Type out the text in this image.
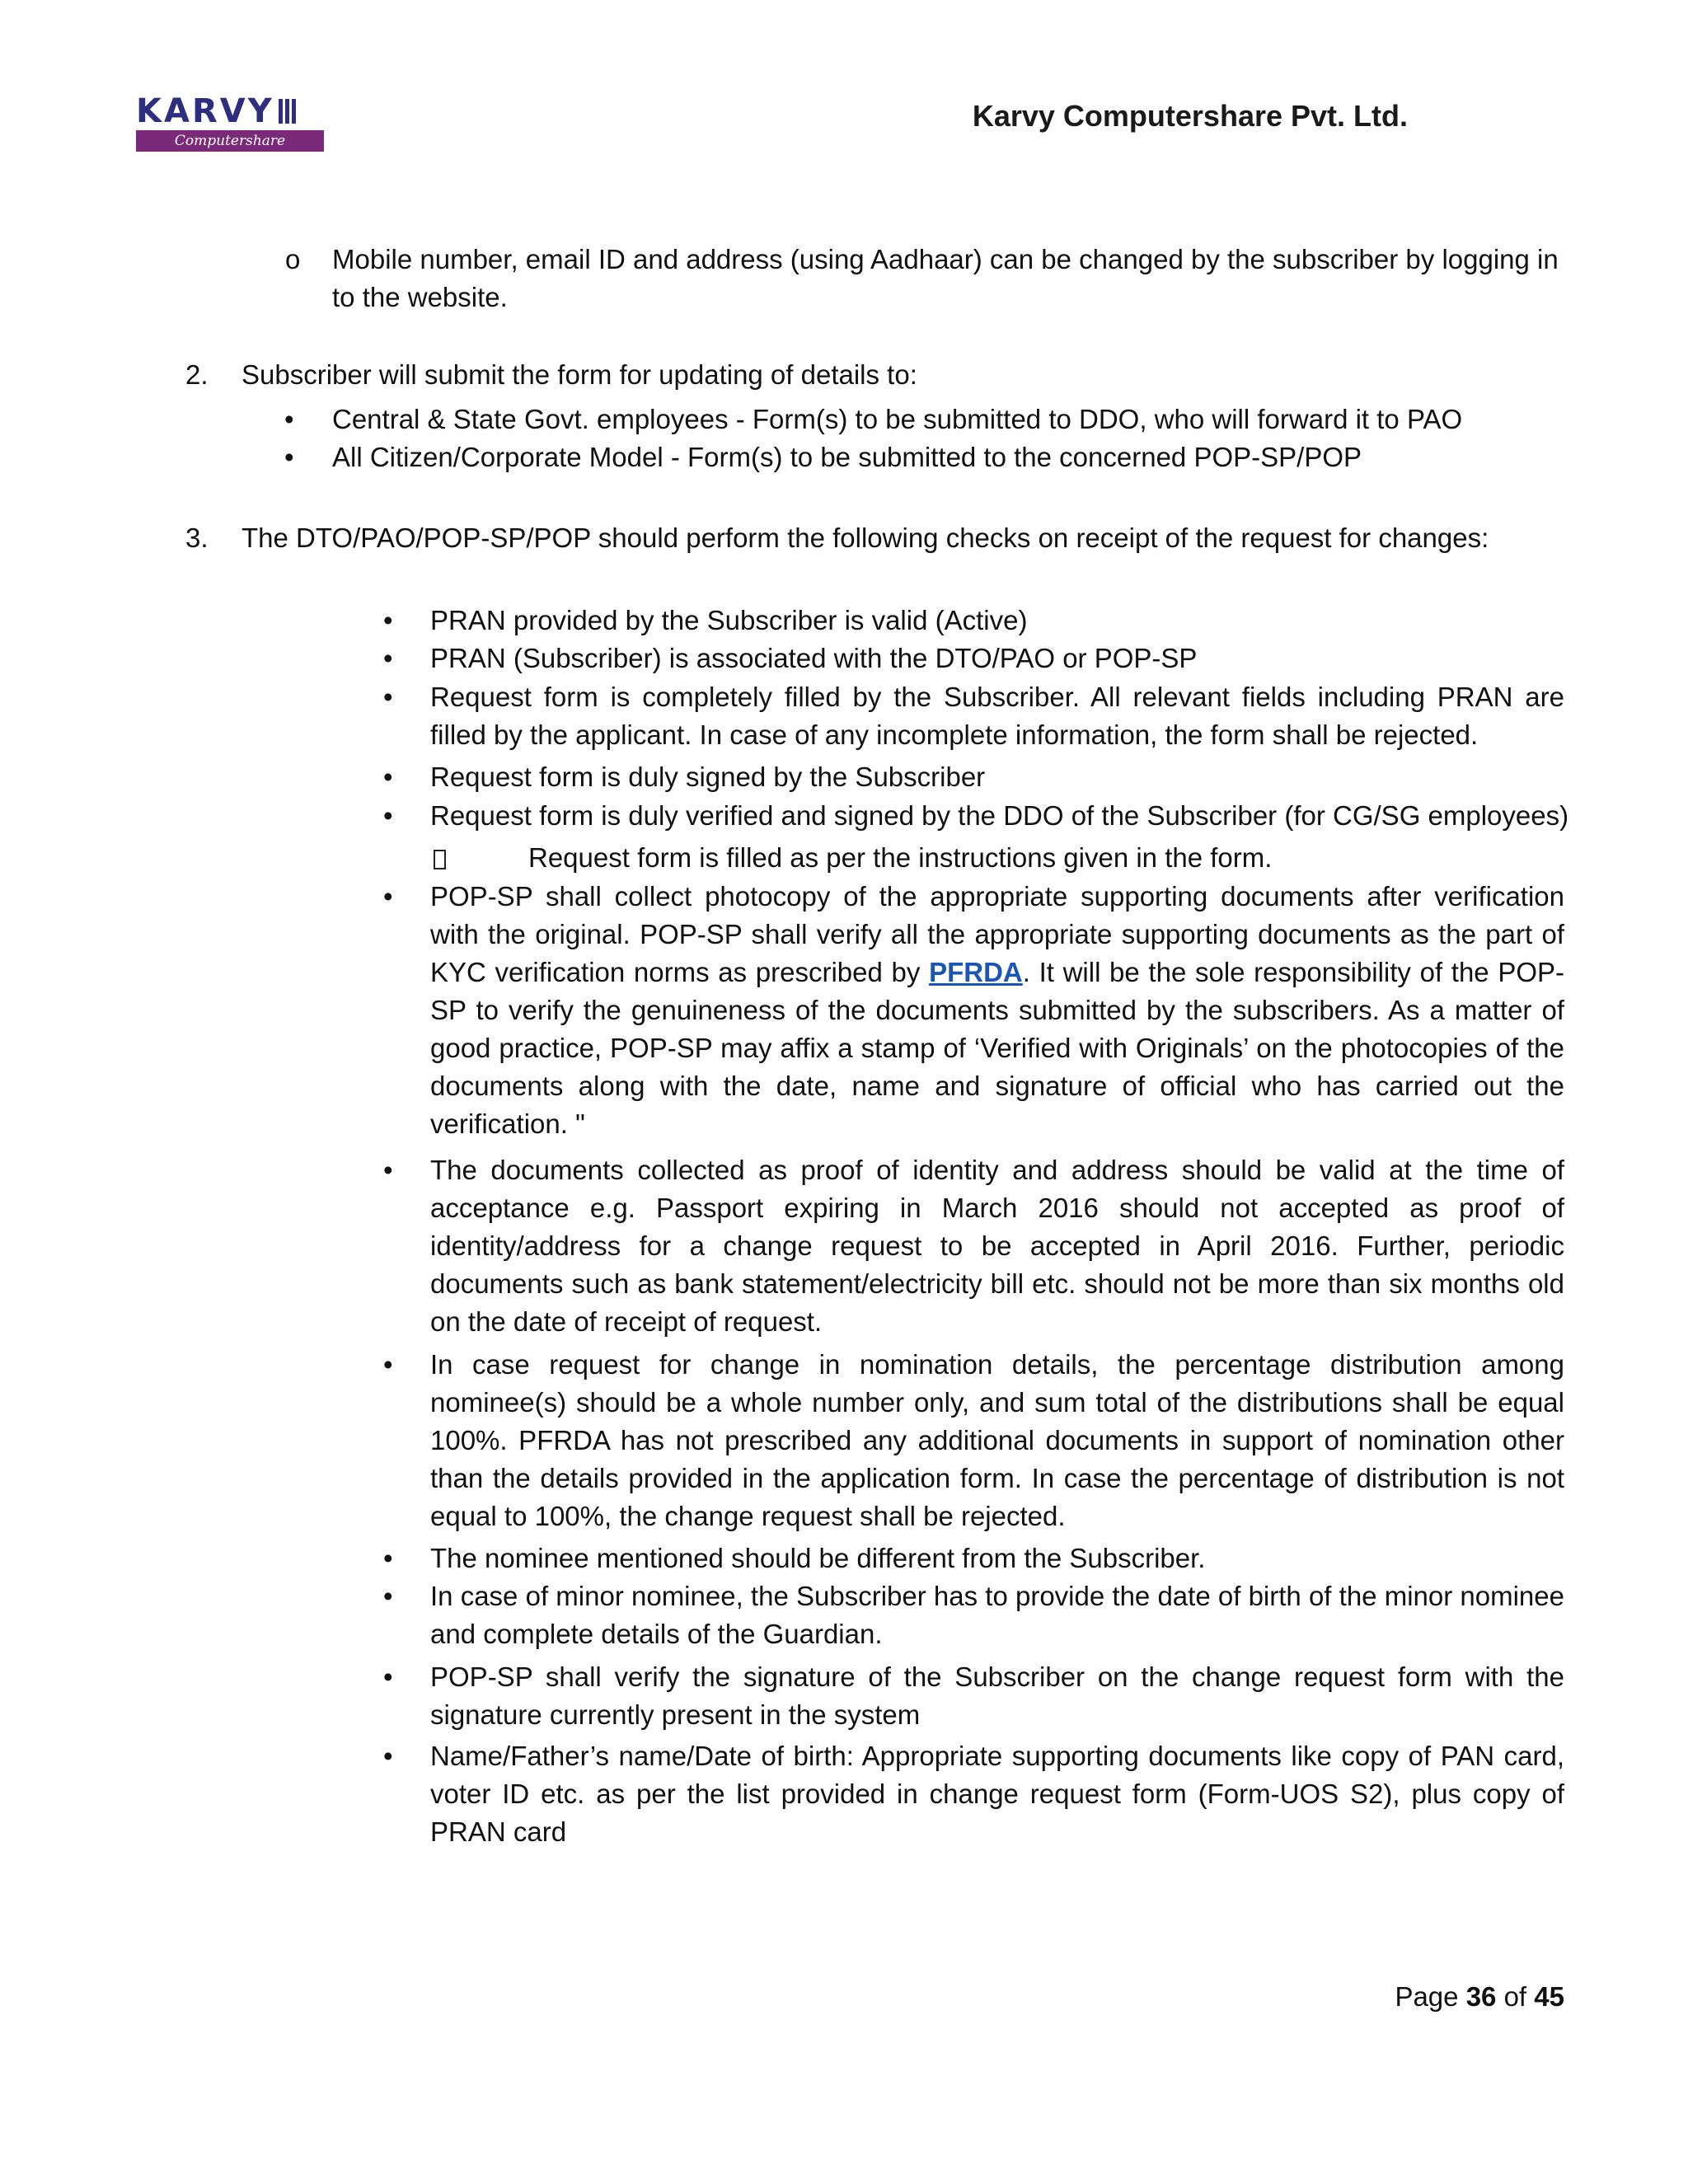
KARVY
Computershare
Karvy Computershare Pvt. Ltd.
o Mobile number, email ID and address (using Aadhaar) can be changed by the subscriber by logging in to the website.
2. Subscriber will submit the form for updating of details to:
• Central & State Govt. employees - Form(s) to be submitted to DDO, who will forward it to PAO
• All Citizen/Corporate Model - Form(s) to be submitted to the concerned POP-SP/POP
3. The DTO/PAO/POP-SP/POP should perform the following checks on receipt of the request for changes:
• PRAN provided by the Subscriber is valid (Active)
• PRAN (Subscriber) is associated with the DTO/PAO or POP-SP
• Request form is completely filled by the Subscriber. All relevant fields including PRAN are filled by the applicant. In case of any incomplete information, the form shall be rejected.
• Request form is duly signed by the Subscriber
• Request form is duly verified and signed by the DDO of the Subscriber (for CG/SG employees)
Request form is filled as per the instructions given in the form.
• POP-SP shall collect photocopy of the appropriate supporting documents after verification with the original. POP-SP shall verify all the appropriate supporting documents as the part of KYC verification norms as prescribed by PFRDA. It will be the sole responsibility of the POP-SP to verify the genuineness of the documents submitted by the subscribers. As a matter of good practice, POP-SP may affix a stamp of ‘Verified with Originals’ on the photocopies of the documents along with the date, name and signature of official who has carried out the verification. "
• The documents collected as proof of identity and address should be valid at the time of acceptance e.g. Passport expiring in March 2016 should not accepted as proof of identity/address for a change request to be accepted in April 2016. Further, periodic documents such as bank statement/electricity bill etc. should not be more than six months old on the date of receipt of request.
• In case request for change in nomination details, the percentage distribution among nominee(s) should be a whole number only, and sum total of the distributions shall be equal 100%. PFRDA has not prescribed any additional documents in support of nomination other than the details provided in the application form. In case the percentage of distribution is not equal to 100%, the change request shall be rejected.
• The nominee mentioned should be different from the Subscriber.
• In case of minor nominee, the Subscriber has to provide the date of birth of the minor nominee and complete details of the Guardian.
• POP-SP shall verify the signature of the Subscriber on the change request form with the signature currently present in the system
• Name/Father’s name/Date of birth: Appropriate supporting documents like copy of PAN card, voter ID etc. as per the list provided in change request form (Form-UOS S2), plus copy of PRAN card
Page 36 of 45
